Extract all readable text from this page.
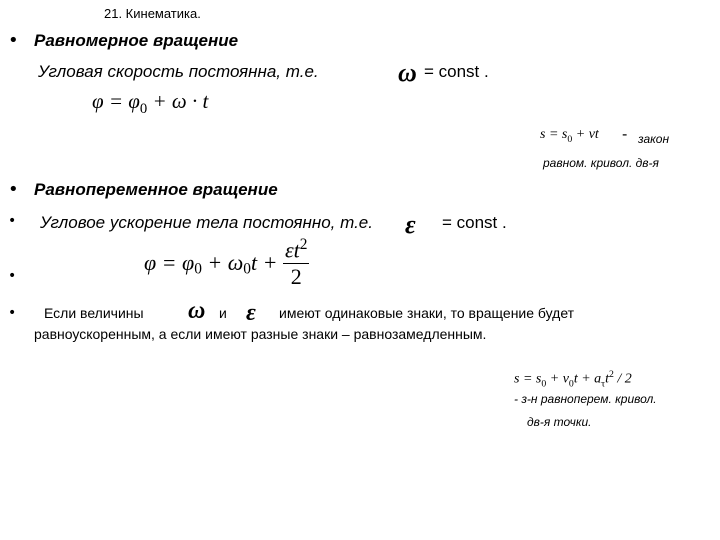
21. Кинематика.
• Равномерное вращение
Угловая скорость постоянна, т.е.	ω = const .
$\varphi = \varphi_0 + \omega \cdot t$
$s = s_0$ + vt - закон
равном. кривол. дв-я
• Равнопеременное вращение
• Угловое ускорение тела постоянно, т.е. ε = const .
$\varphi = \varphi_0 + \omega_0t + \frac{\varepsilon t^2}{2}$
•
• Если величины ω и ε имеют одинаковые знаки, то вращение будет
равноускоренным, а если имеют разные знаки – равнозамедленным.
$s = s_0 + v_0t + a_\tau t^2 / 2$
- з-н равноперем. кривол.
дв-я точки.
